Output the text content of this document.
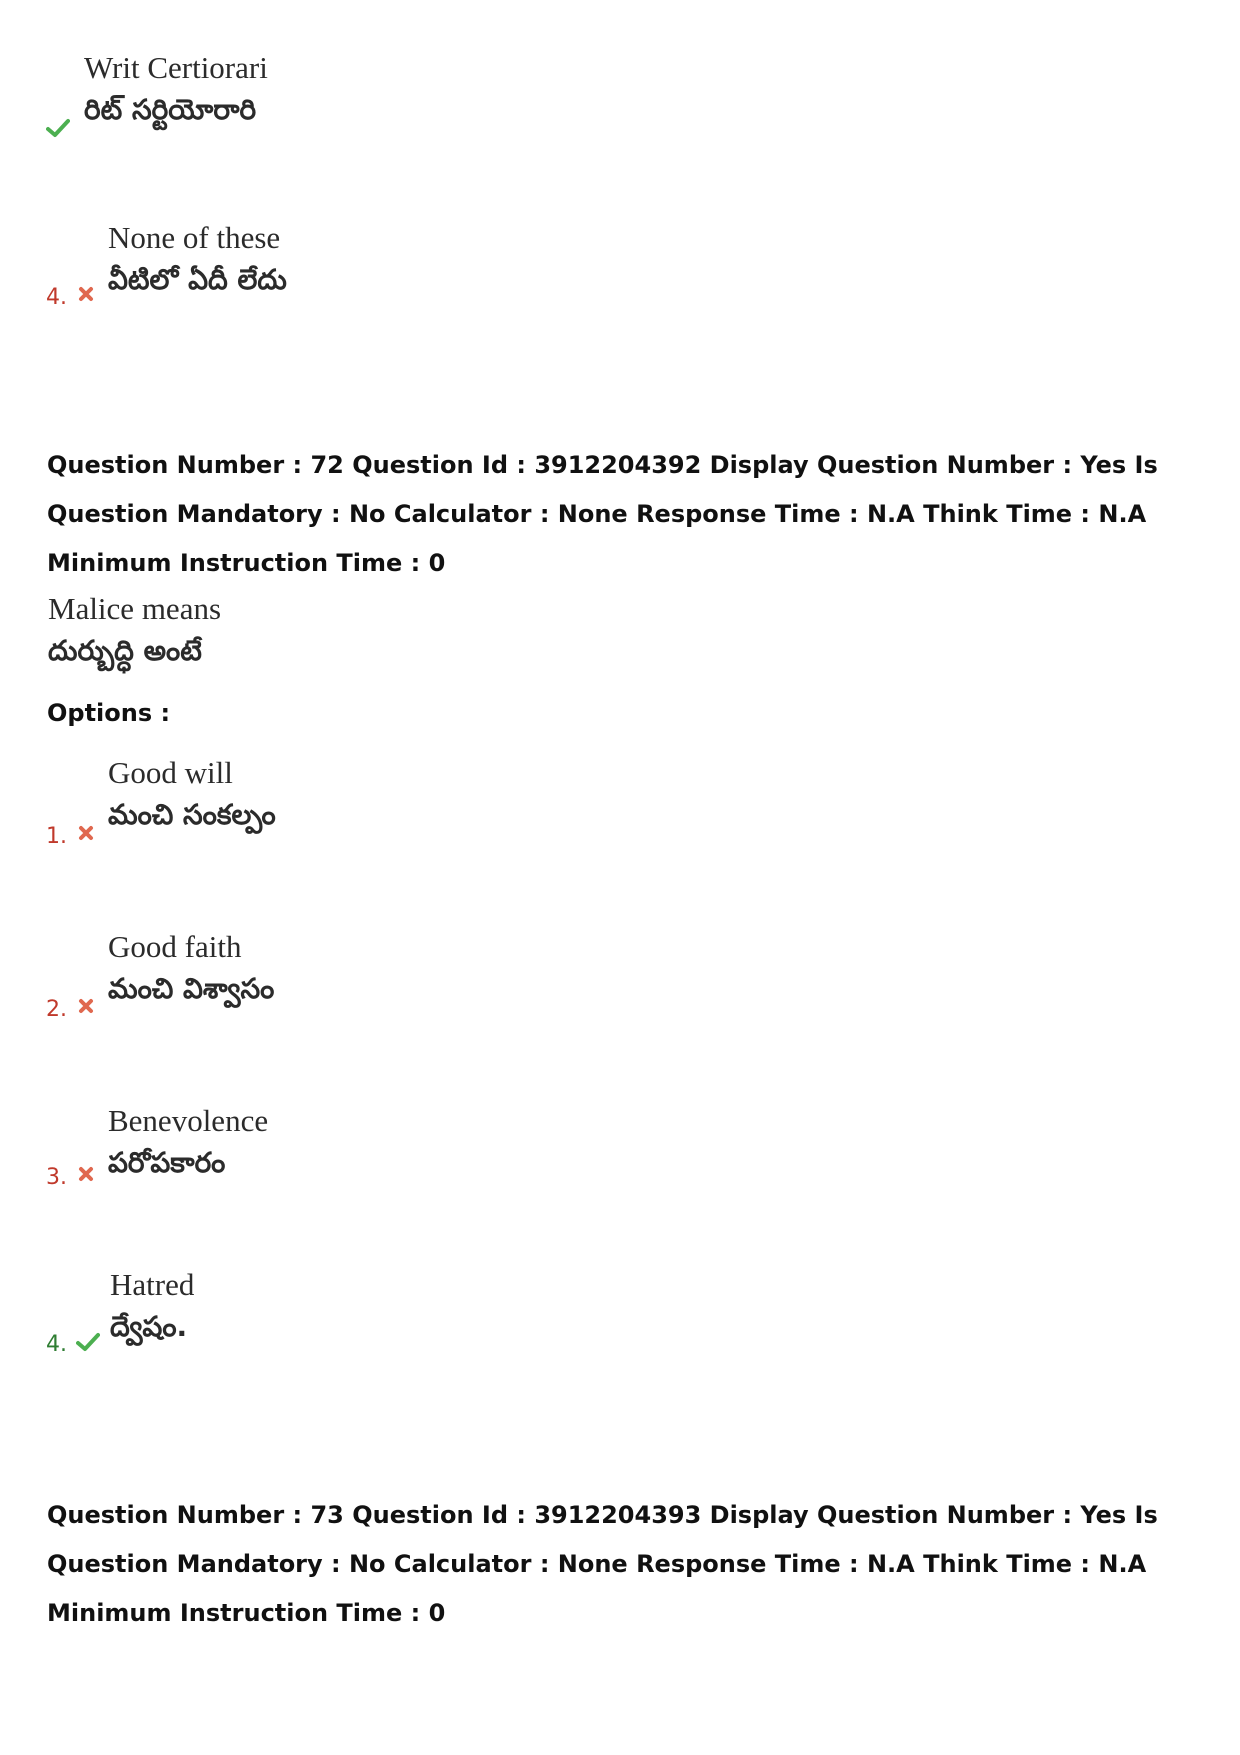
Writ Certiorari
రిట్ సర్టియోరారి
4.
None of these
వీటిలో ఏదీ లేదు
Question Number : 72 Question Id : 3912204392 Display Question Number : Yes Is Question Mandatory : No Calculator : None Response Time : N.A Think Time : N.A Minimum Instruction Time : 0
Malice means
దుర్బుద్ధి అంటే
Options :
1.
Good will
మంచి సంకల్పం
2.
Good faith
మంచి విశ్వాసం
3.
Benevolence
పరోపకారం
4.
Hatred
ద్వేషం.
Question Number : 73 Question Id : 3912204393 Display Question Number : Yes Is Question Mandatory : No Calculator : None Response Time : N.A Think Time : N.A Minimum Instruction Time : 0
